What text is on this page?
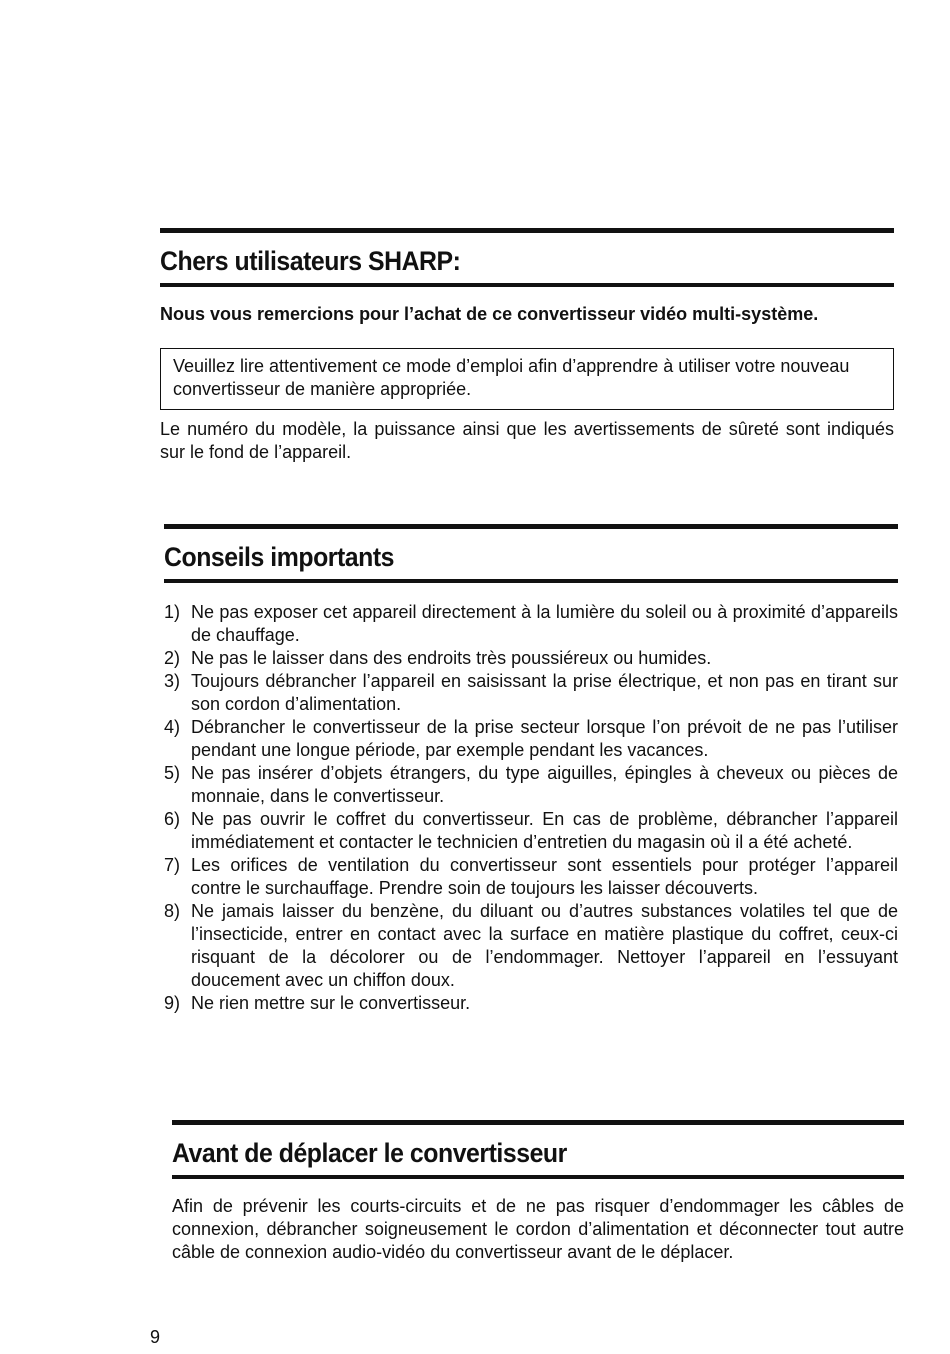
Chers utilisateurs SHARP:

Nous vous remercions pour l’achat de ce convertisseur vidéo multi-système.

Veuillez lire attentivement ce mode d’emploi afin d’apprendre à utiliser votre nouveau convertisseur de manière appropriée.

Le numéro du modèle, la puissance ainsi que les avertissements de sûreté sont indiqués sur le fond de l’appareil.

Conseils importants
1) Ne pas exposer cet appareil directement à la lumière du soleil ou à proximité d’appareils de chauffage.
2) Ne pas le laisser dans des endroits très poussiéreux ou humides.
3) Toujours débrancher l’appareil en saisissant la prise électrique, et non pas en tirant sur son cordon d’alimentation.
4) Débrancher le convertisseur de la prise secteur lorsque l’on prévoit de ne pas l’utiliser pendant une longue période, par exemple pendant les vacances.
5) Ne pas insérer d’objets étrangers, du type aiguilles, épingles à cheveux ou pièces de monnaie, dans le convertisseur.
6) Ne pas ouvrir le coffret du convertisseur. En cas de problème, débrancher l’appareil immédiatement et contacter le technicien d’entretien du magasin où il a été acheté.
7) Les orifices de ventilation du convertisseur sont essentiels pour protéger l’appareil contre le surchauffage. Prendre soin de toujours les laisser découverts.
8) Ne jamais laisser du benzène, du diluant ou d’autres substances volatiles tel que de l’insecticide, entrer en contact avec la surface en matière plastique du coffret, ceux-ci risquant de la décolorer ou de l’endommager. Nettoyer l’appareil en l’essuyant doucement avec un chiffon doux.
9) Ne rien mettre sur le convertisseur.
Avant de déplacer le convertisseur

Afin de prévenir les courts-circuits et de ne pas risquer d’endommager les câbles de connexion, débrancher soigneusement le cordon d’alimentation et déconnecter tout autre câble de connexion audio-vidéo du convertisseur avant de le déplacer.

9
